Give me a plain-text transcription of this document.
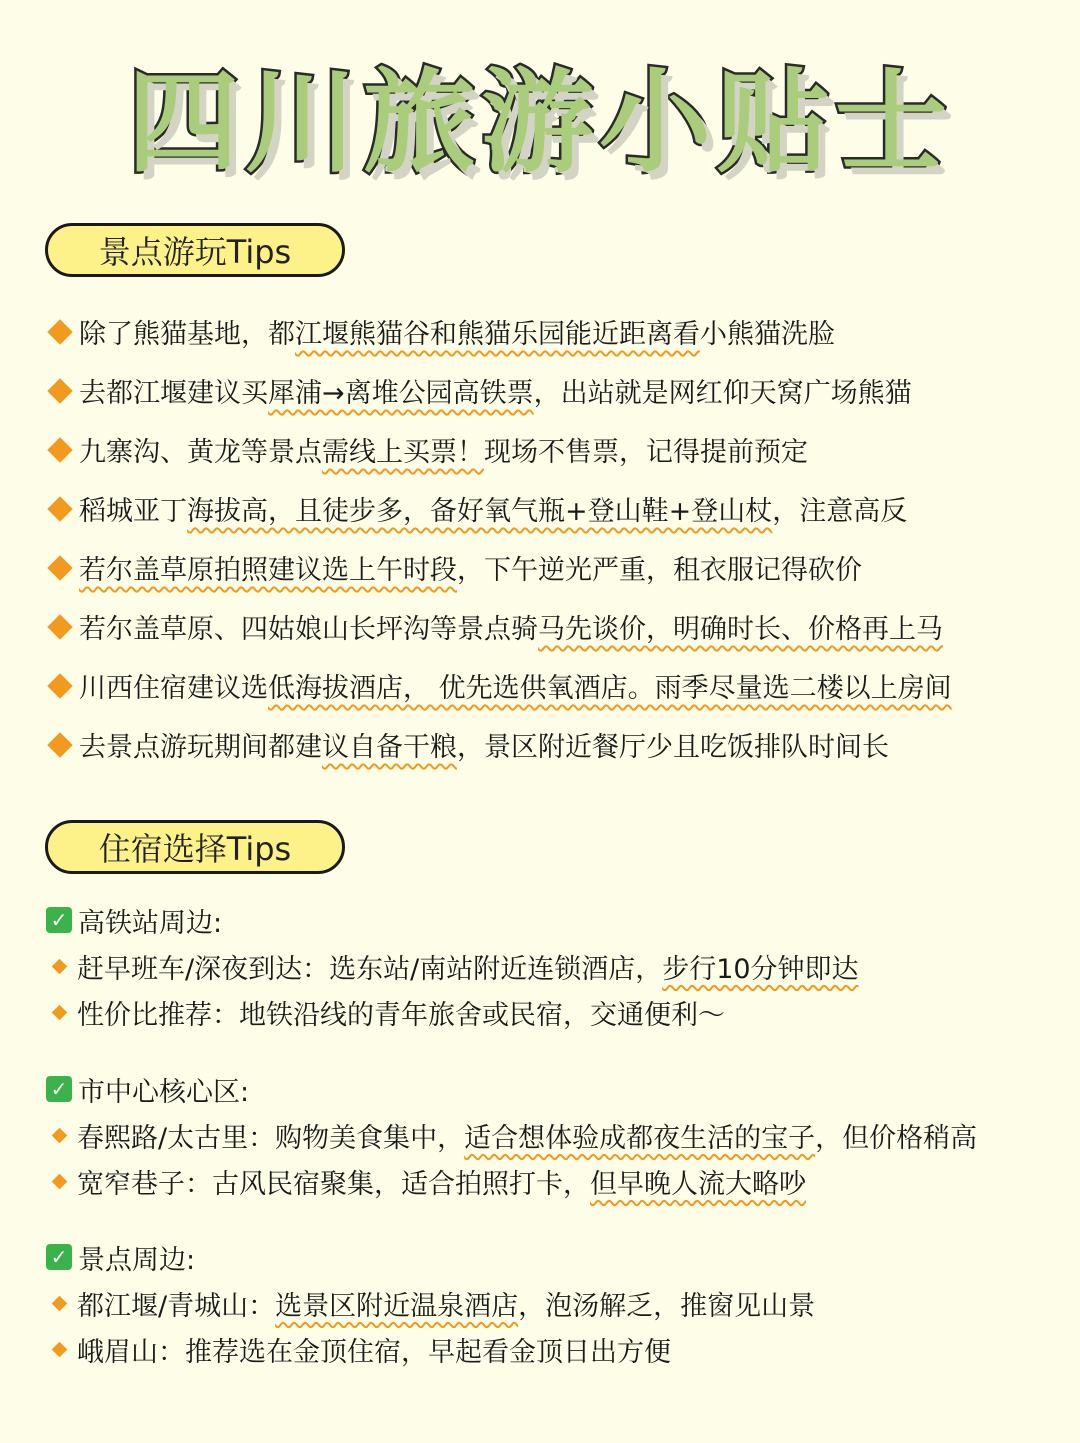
四川旅游小贴士
景点游玩Tips
除了熊猫基地，都江堰熊猫谷和熊猫乐园能近距离看小熊猫洗脸
去都江堰建议买犀浦→离堆公园高铁票，出站就是网红仰天窝广场熊猫
九寨沟、黄龙等景点需线上买票！现场不售票，记得提前预定
稻城亚丁海拔高，且徒步多，备好氧气瓶+登山鞋+登山杖，注意高反
若尔盖草原拍照建议选上午时段，下午逆光严重，租衣服记得砍价
若尔盖草原、四姑娘山长坪沟等景点骑马先谈价，明确时长、价格再上马
川西住宿建议选低海拔酒店， 优先选供氧酒店。雨季尽量选二楼以上房间
去景点游玩期间都建议自备干粮，景区附近餐厅少且吃饭排队时间长
住宿选择Tips
✓ 高铁站周边:
赶早班车/深夜到达：选东站/南站附近连锁酒店，步行10分钟即达
性价比推荐：地铁沿线的青年旅舍或民宿，交通便利～
✓ 市中心核心区:
春熙路/太古里：购物美食集中，适合想体验成都夜生活的宝子，但价格稍高
宽窄巷子：古风民宿聚集，适合拍照打卡，但早晚人流大略吵
✓ 景点周边:
都江堰/青城山：选景区附近温泉酒店，泡汤解乏，推窗见山景
峨眉山：推荐选在金顶住宿，早起看金顶日出方便
